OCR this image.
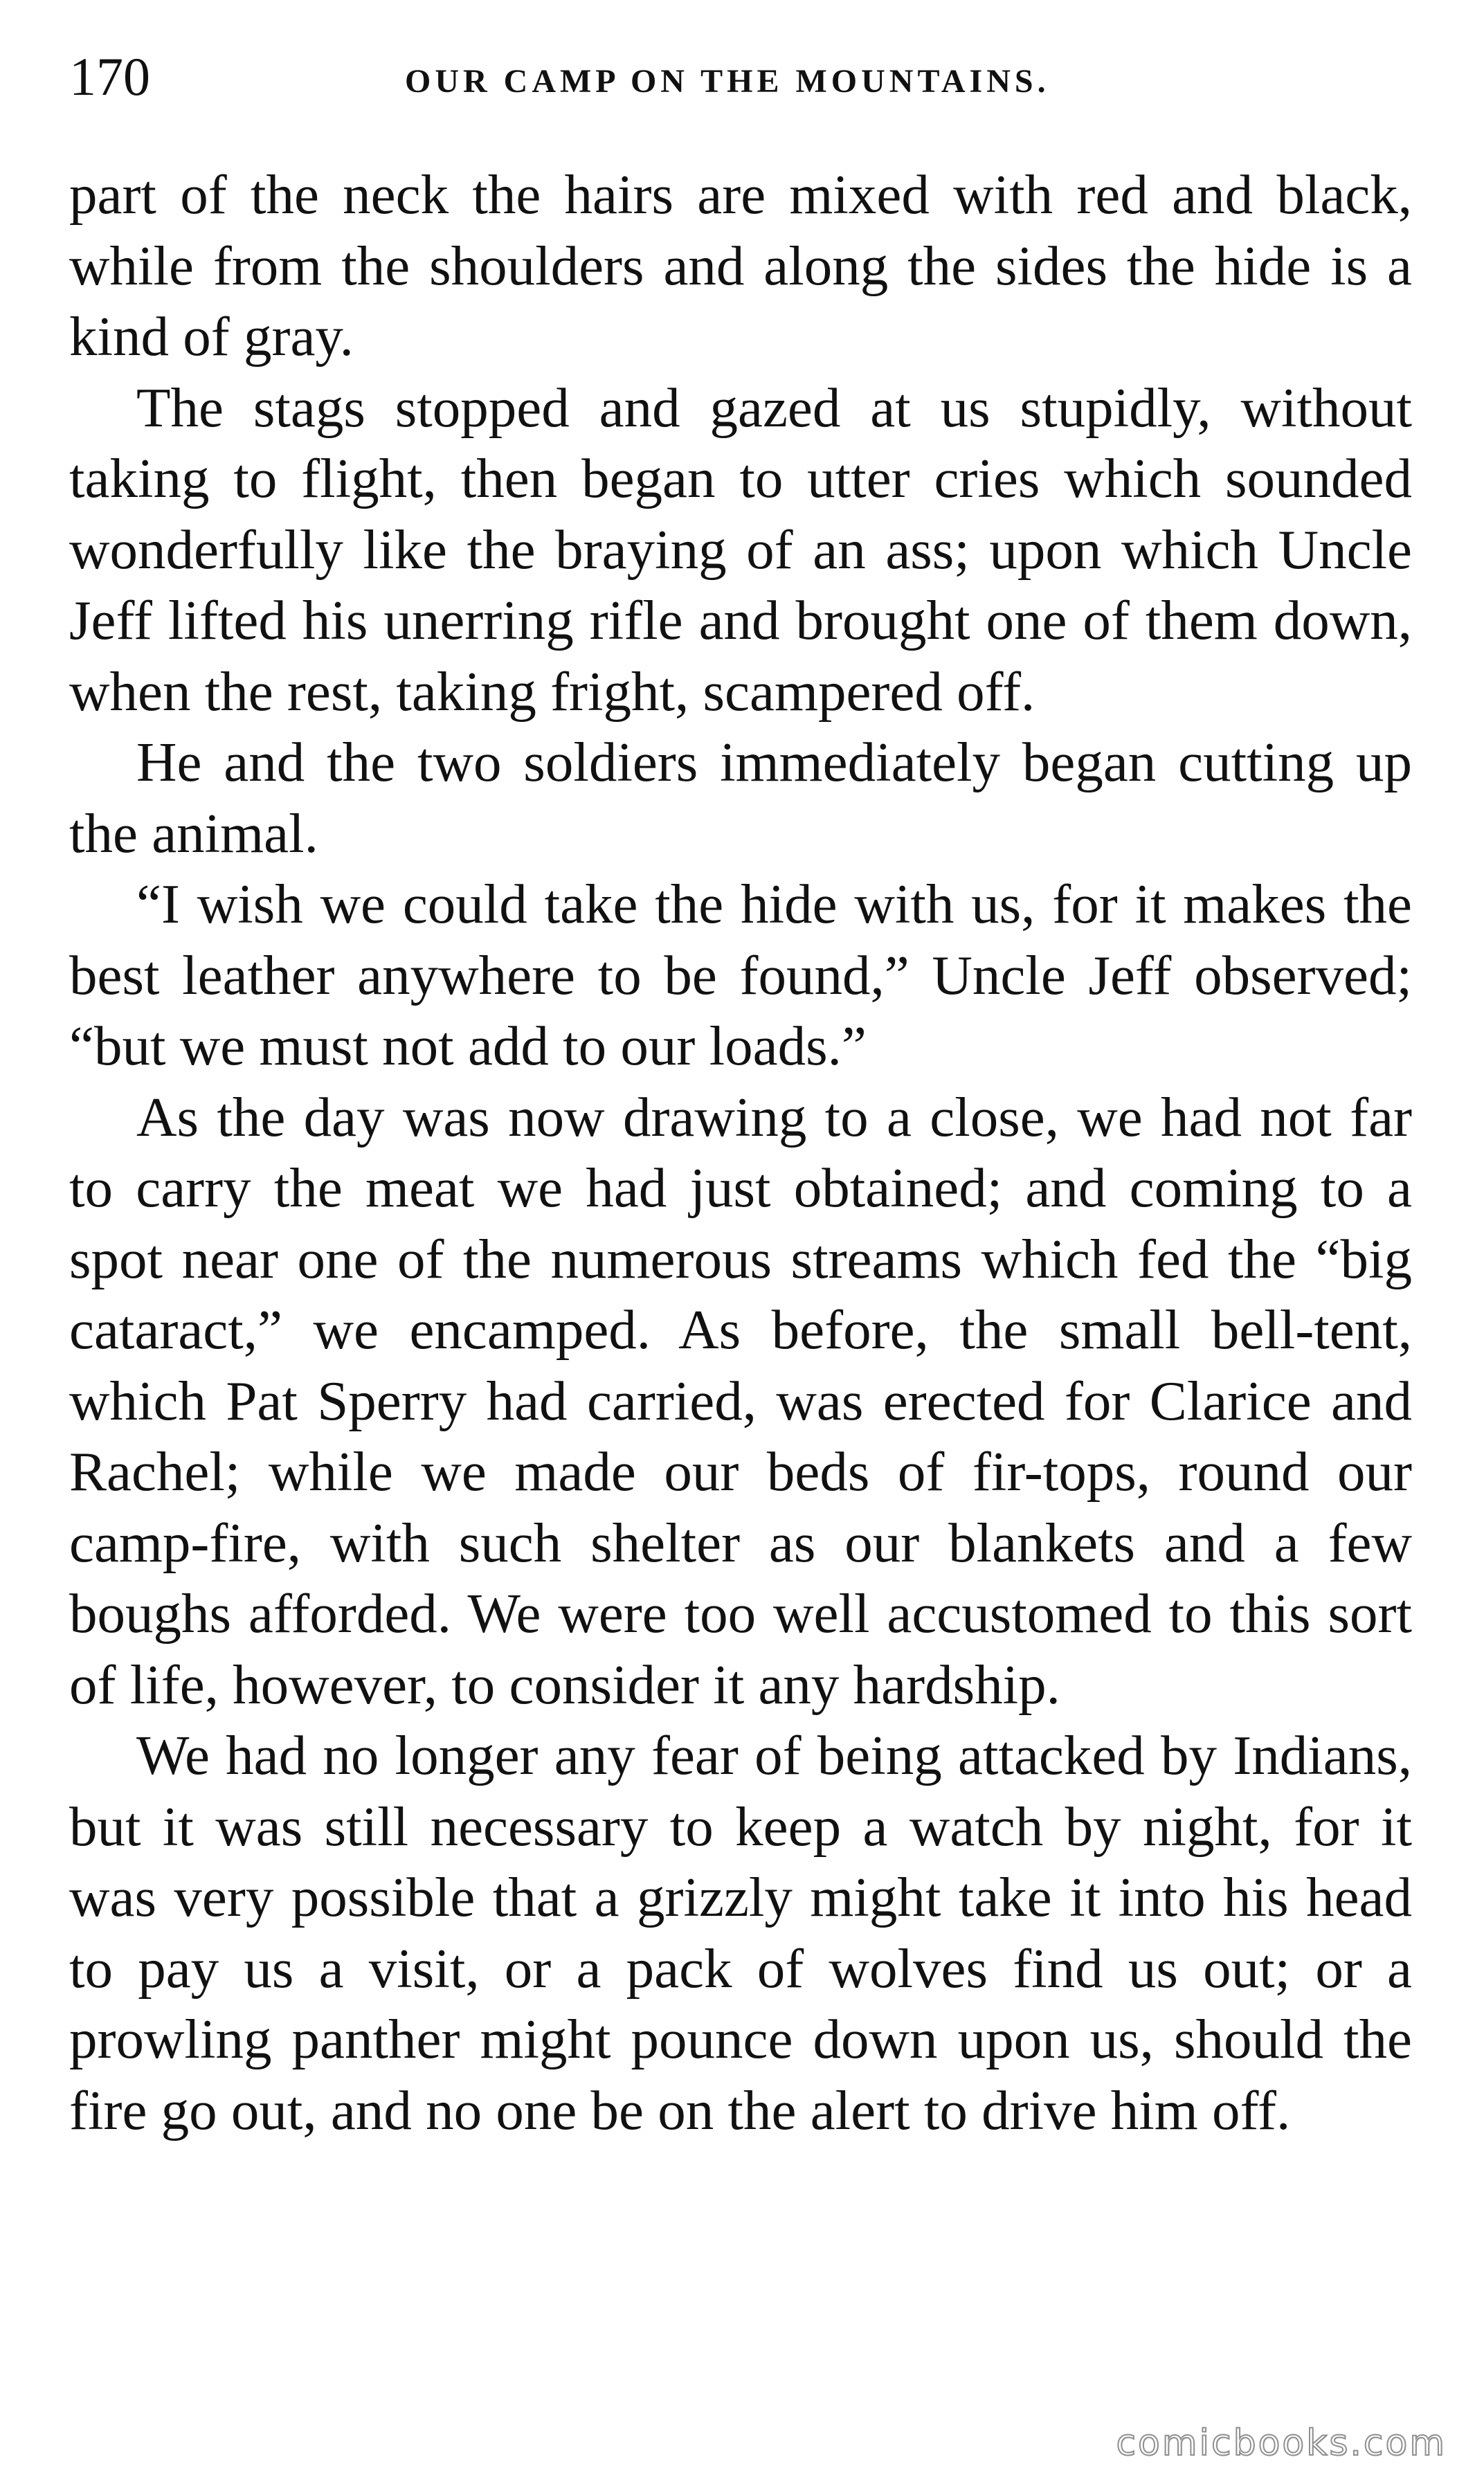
170	OUR CAMP ON THE MOUNTAINS.

part of the neck the hairs are mixed with red and black, while from the shoulders and along the sides the hide is a kind of gray.

The stags stopped and gazed at us stupidly, without taking to flight, then began to utter cries which sounded wonderfully like the braying of an ass; upon which Uncle Jeff lifted his unerring rifle and brought one of them down, when the rest, taking fright, scampered off.

He and the two soldiers immediately began cutting up the animal.

“I wish we could take the hide with us, for it makes the best leather anywhere to be found,” Uncle Jeff observed; “but we must not add to our loads.”

As the day was now drawing to a close, we had not far to carry the meat we had just obtained; and coming to a spot near one of the numerous streams which fed the “big cataract,” we encamped. As before, the small bell-tent, which Pat Sperry had carried, was erected for Clarice and Rachel; while we made our beds of fir-tops, round our camp-fire, with such shelter as our blankets and a few boughs afforded. We were too well accustomed to this sort of life, however, to consider it any hardship.

We had no longer any fear of being attacked by Indians, but it was still necessary to keep a watch by night, for it was very possible that a grizzly might take it into his head to pay us a visit, or a pack of wolves find us out; or a prowling panther might pounce down upon us, should the fire go out, and no one be on the alert to drive him off.

comicbooks.com
